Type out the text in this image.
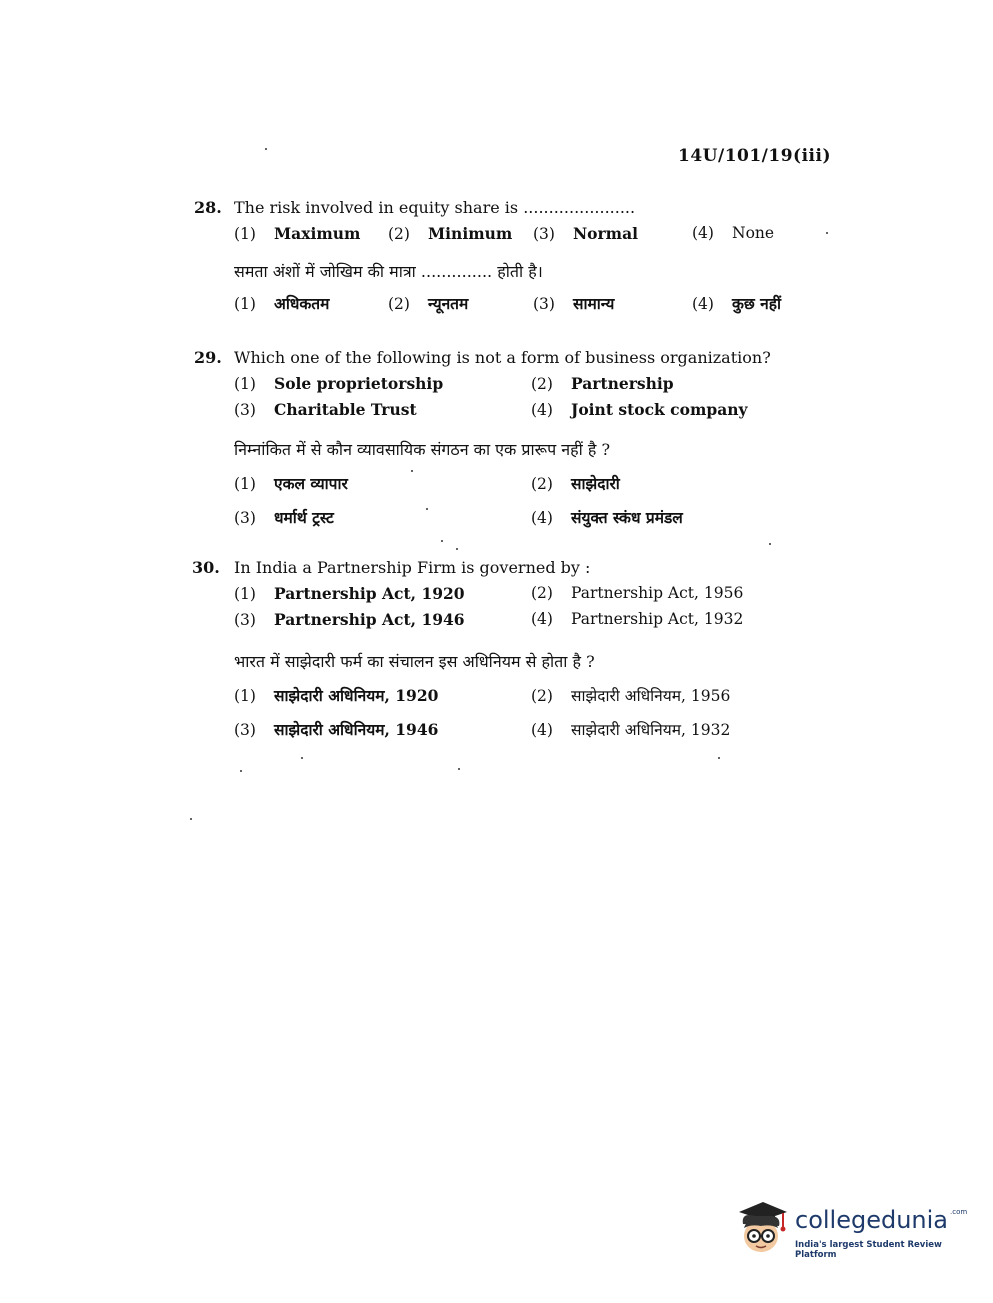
14U/101/19(iii)
28. The risk involved in equity share is ......................
(1) Maximum (2) Minimum (3) Normal	(4) None
समता अंशों में जोखिम की मात्रा .............. होती है।
(1) अधिकतम	(2) न्यूनतम	(3) सामान्य	(4) कुछ नहीं
29. Which one of the following is not a form of business organization?
(1) Sole proprietorship	(2) Partnership
(3) Charitable Trust	(4) Joint stock company
निम्नांकित में से कौन व्यावसायिक संगठन का एक प्रारूप नहीं है ?
(1) एकल व्यापार	(2) साझेदारी
(3) धर्मार्थ ट्रस्ट	(4) संयुक्त स्कंध प्रमंडल
30. In India a Partnership Firm is governed by :
(1) Partnership Act, 1920	(2) Partnership Act, 1956
(3) Partnership Act, 1946	(4) Partnership Act, 1932
भारत में साझेदारी फर्म का संचालन इस अधिनियम से होता है ?
(1) साझेदारी अधिनियम, 1920	(2) साझेदारी अधिनियम, 1956
(3) साझेदारी अधिनियम, 1946	(4) साझेदारी अधिनियम, 1932
collegedunia .com
India's largest Student Review Platform
